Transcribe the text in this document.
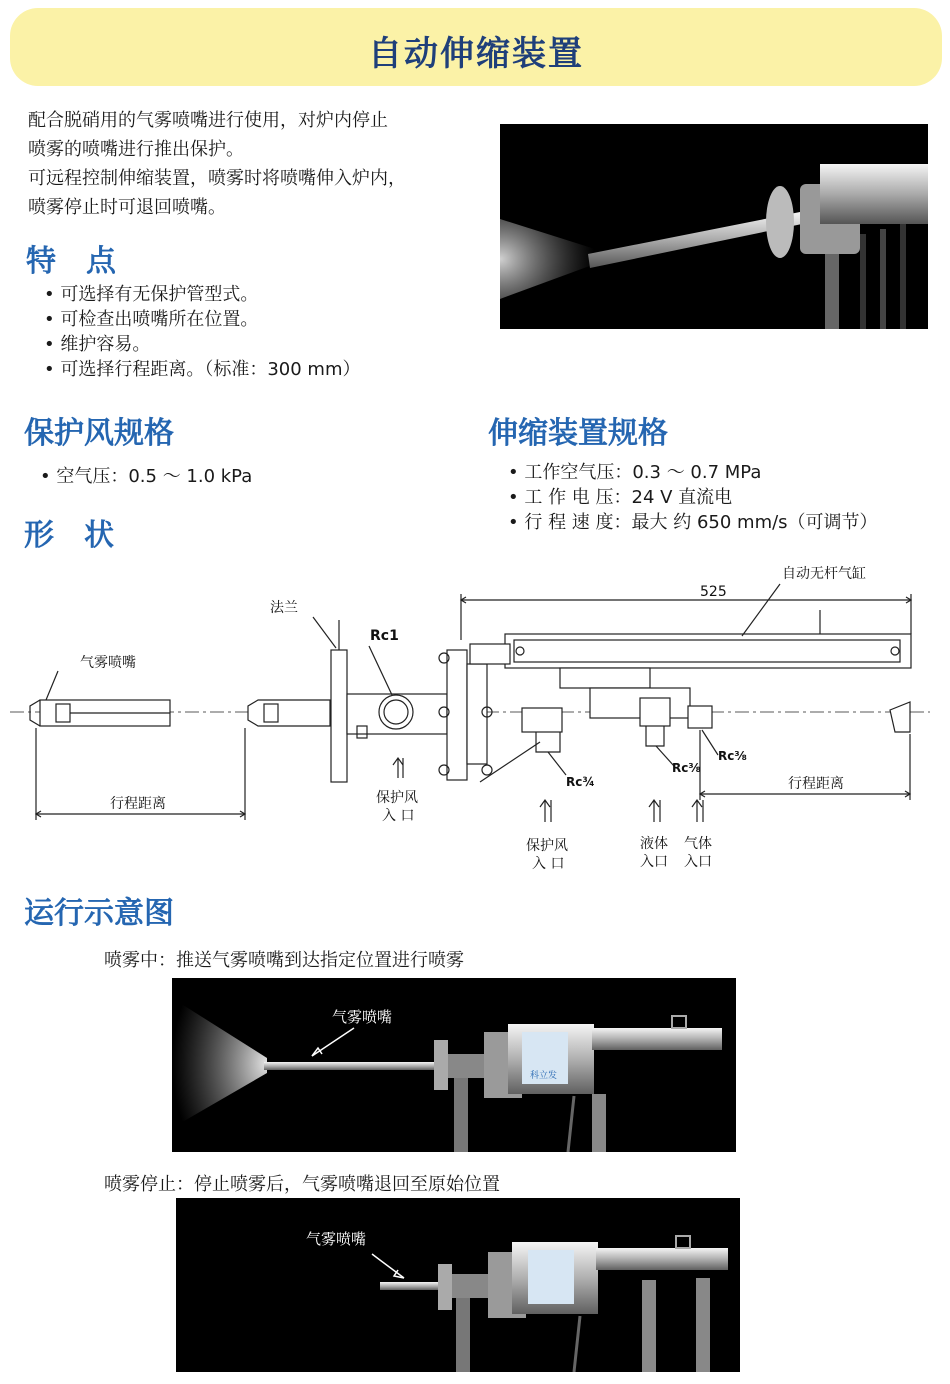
自动伸缩装置
配合脱硝用的气雾喷嘴进行使用，对炉内停止
喷雾的喷嘴进行推出保护。
可远程控制伸缩装置，喷雾时将喷嘴伸入炉内，
喷雾停止时可退回喷嘴。
特　点
• 可选择有无保护管型式。
• 可检查出喷嘴所在位置。
• 维护容易。
• 可选择行程距离。（标准：300 mm）
保护风规格
• 空气压：0.5 ～ 1.0 kPa
伸缩装置规格
• 工作空气压：0.3 ～ 0.7 MPa
• 工 作 电 压：24 V 直流电
• 行 程 速 度：最大 约 650 mm/s（可调节）
形　状
自动无杆气缸
525
法兰
Rc1
气雾喷嘴
行程距离	保护风
入 口
Rc¾
Rc⅜
Rc⅜
行程距离
保护风
入 口
液体
入口
气体
入口
运行示意图
喷雾中：推送气雾喷嘴到达指定位置进行喷雾
科立发
气雾喷嘴
喷雾停止：停止喷雾后，气雾喷嘴退回至原始位置
气雾喷嘴
